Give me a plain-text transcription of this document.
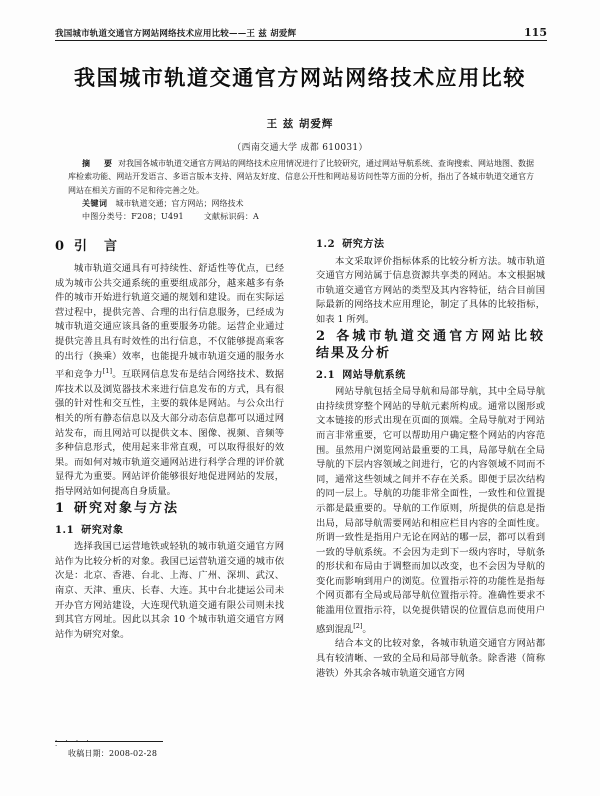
我国城市轨道交通官方网站网络技术应用比较——王 兹 胡爱辉	115
我国城市轨道交通官方网站网络技术应用比较
王 兹 胡爱辉
（西南交通大学 成都 610031）
摘　要 对我国各城市轨道交通官方网站的网络技术应用情况进行了比较研究，通过网站导航系统、查询搜索、网站地图、数据库检索功能、网站开发语言、多语言版本支持、网站友好度、信息公开性和网站易访问性等方面的分析，指出了各城市轨道交通官方网站在相关方面的不足和待完善之处。
关键词 城市轨道交通；官方网站；网络技术
中图分类号：F208；U491	文献标识码：A
0 引　言

城市轨道交通具有可持续性、舒适性等优点，已经成为城市公共交通系统的重要组成部分，越来越多有条件的城市开始进行轨道交通的规划和建设。而在实际运营过程中，提供完善、合理的出行信息服务，已经成为城市轨道交通应该具备的重要服务功能。运营企业通过提供完善且具有时效性的出行信息，不仅能够提高乘客的出行（换乘）效率，也能提升城市轨道交通的服务水平和竞争力[1]。互联网信息发布是结合网络技术、数据库技术以及浏览器技术来进行信息发布的方式，具有很强的针对性和交互性，主要的载体是网站。与公众出行相关的所有静态信息以及大部分动态信息都可以通过网站发布，而且网站可以提供文本、图像、视频、音频等多种信息形式，使用起来非常直观，可以取得很好的效果。而如何对城市轨道交通网站进行科学合理的评价就显得尤为重要。网站评价能够很好地促进网站的发展，指导网站如何提高自身质量。

1 研究对象与方法
1.1 研究对象

选择我国已运营地铁或轻轨的城市轨道交通官方网站作为比较分析的对象。我国已运营轨道交通的城市依次是：北京、香港、台北、上海、广州、深圳、武汉、南京、天津、重庆、长春、大连。其中台北捷运公司未开办官方网站建设，大连现代轨道交通有限公司则未找到其官方网址。因此以其余 10 个城市轨道交通官方网站作为研究对象。

1.2 研究方法

本文采取评价指标体系的比较分析方法。城市轨道交通官方网站属于信息资源共享类的网站。本文根据城市轨道交通官方网站的类型及其内容特征，结合目前国际最新的网络技术应用理论，制定了具体的比较指标，如表 1 所列。

2 各城市轨道交通官方网站比较结果及分析
2.1 网站导航系统

网站导航包括全局导航和局部导航，其中全局导航由持续贯穿整个网站的导航元素所构成。通常以图形或文本链接的形式出现在页面的顶端。全局导航对于网站而言非常重要，它可以帮助用户确定整个网站的内容范围。虽然用户浏览网站最重要的工具，局部导航在全局导航的下层内容领域之间进行，它的内容领域不同而不同，通常这些领域之间并不存在关系。即便于层次结构的同一层上。导航的功能非常全面性，一致性和位置提示都是最重要的。导航的工作原则，所提供的信息是指出局，局部导航需要网站和相应栏目内容的全面性度。所谓一致性是指用户无论在网站的哪一层，都可以看到一致的导航系统。不会因为走到下一级内容时，导航条的形状和布局由于调整而加以改变，也不会因为导航的变化而影响到用户的浏览。位置指示符的功能性是指每个网页都有全局或局部导航位置指示符。准确性要求不能滥用位置指示符，以免提供错误的位置信息而使用户感到混乱[2]。

结合本文的比较对象，各城市轨道交通官方网站都具有较清晰、一致的全局和局部导航条。除香港（简称港铁）外其余各城市轨道交通官方网

· · · · ·
收稿日期：2008-02-28
